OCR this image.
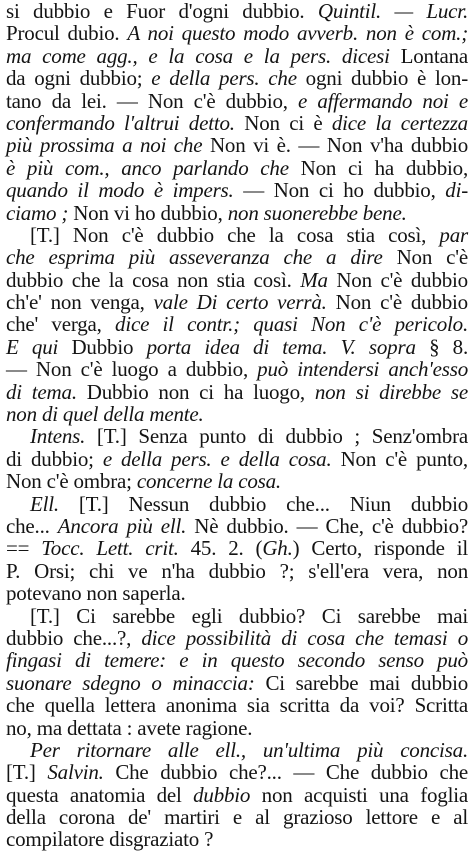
si dubbio e Fuor d'ogni dubbio. Quintil. — Lucr.
Procul dubio. A noi questo modo avverb. non è com.;
ma come agg., e la cosa e la pers. dicesi Lontana
da ogni dubbio; e della pers. che ogni dubbio è lon-
tano da lei. — Non c'è dubbio, e affermando noi e
confermando l'altrui detto. Non ci è dice la certezza
più prossima a noi che Non vi è. — Non v'ha dubbio
è più com., anco parlando che Non ci ha dubbio,
quando il modo è impers. — Non ci ho dubbio, di-
ciamo ; Non vi ho dubbio, non suonerebbe bene.
[T.] Non c'è dubbio che la cosa stia così, par
che esprima più asseveranza che a dire Non c'è
dubbio che la cosa non stia così. Ma Non c'è dubbio
ch'e' non venga, vale Di certo verrà. Non c'è dubbio
che' verga, dice il contr.; quasi Non c'è pericolo.
E qui Dubbio porta idea di tema. V. sopra § 8.
— Non c'è luogo a dubbio, può intendersi anch'esso
di tema. Dubbio non ci ha luogo, non si direbbe se
non di quel della mente.
Intens. [T.] Senza punto di dubbio ; Senz'ombra
di dubbio; e della pers. e della cosa. Non c'è punto,
Non c'è ombra; concerne la cosa.
Ell. [T.] Nessun dubbio che... Niun dubbio
che... Ancora più ell. Nè dubbio. — Che, c'è dubbio?
== Tocc. Lett. crit. 45. 2. (Gh.) Certo, risponde il
P. Orsi; chi ve n'ha dubbio ?; s'ell'era vera, non
potevano non saperla.
[T.] Ci sarebbe egli dubbio? Ci sarebbe mai
dubbio che...?, dice possibilità di cosa che temasi o
fingasi di temere: e in questo secondo senso può
suonare sdegno o minaccia: Ci sarebbe mai dubbio
che quella lettera anonima sia scritta da voi? Scritta
no, ma dettata : avete ragione.
Per ritornare alle ell., un'ultima più concisa.
[T.] Salvin. Che dubbio che?... — Che dubbio che
questa anatomia del dubbio non acquisti una foglia
della corona de' martiri e al grazioso lettore e al
compilatore disgraziato ?
